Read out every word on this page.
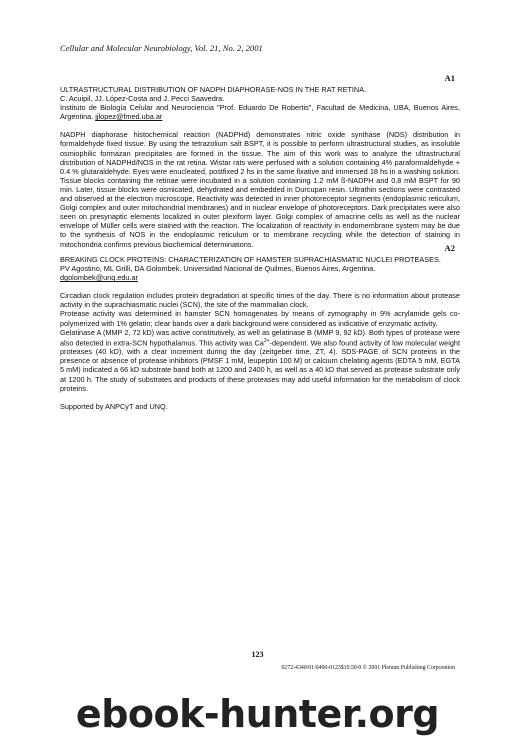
Cellular and Molecular Neurobiology, Vol. 21, No. 2, 2001
A1

ULTRASTRUCTURAL DISTRIBUTION OF NADPH DIAPHORASE-NOS IN THE RAT RETINA.

C. Acuipil, JJ. López-Costa and J. Pecci Saavedra.

Instituto de Biología Celular and Neurociencia "Prof. Eduardo De Robertis", Facultad de Medicina, UBA, Buenos Aires, Argentina. jjlopez@fmed.uba.ar

NADPH diaphorase histochemical reaction (NADPHd) demonstrates nitric oxide synthase (NOS) distribution in formaldehyde fixed tissue. By using the tetrazolium salt BSPT, it is possible to perform ultrastructural studies, as insoluble osmiophilic formazan precipitates are formed in the tissue. The aim of this work was to analyze the ultrastructural distribution of NADPHd/NOS in the rat retina. Wistar rats were perfused with a solution containing 4% paraformaldehyde + 0.4 % glutaraldehyde. Eyes were enucleated, postfixed 2 hs in the same fixative and immersed 18 hs in a washing solution. Tissue blocks containing the retinae were incubated in a solution containing 1.2 mM ß-NADPH and 0.8 mM BSPT for 90 min. Later, tissue blocks were osmicated, dehydrated and embedded in Durcupan resin. Ultrathin sections were contrasted and observed at the electron microscope. Reactivity was detected in inner photoreceptor segments (endoplasmic reticulum, Golgi complex and outer mitochondrial membranes) and in nuclear envelope of photoreceptors. Dark precipitates were also seen on presynaptic elements localized in outer plexiform layer. Golgi complex of amacrine cells as well as the nuclear envelope of Müller cells were stained with the reaction. The localization of reactivity in endomembrane system may be due to the synthesis of NOS in the endoplasmic reticulum or to membrane recycling while the detection of staining in mitochondria confirms previous biochemical determinations.	A2

BREAKING CLOCK PROTEINS: CHARACTERIZATION OF HAMSTER SUPRACHIASMATIC NUCLEI PROTEASES.

PV Agostino, ML Grilli, DA Golombek. Universidad Nacional de Quilmes, Buenos Aires, Argentina.

dgolombek@unq.edu.ar

Circadian clock regulation includes protein degradation at specific times of the day. There is no information about protease activity in the suprachiasmatic nuclei (SCN), the site of the mammalian clock.

Protease activity was determined in hamster SCN homogenates by means of zymography in 9% acrylamide gels co-polymerized with 1% gelatin; clear bands over a dark background were considered as indicative of enzymatic activity.

Gelatinase A (MMP 2, 72 kD) was active constitutively, as well as gelatinase B (MMP 9, 92 kD). Both types of protease were also detected in extra-SCN hypothalamus. This activity was $Ca^{2+}$-dependent. We also found activity of low molecular weight proteases (40 kD), with a clear increment during the day (zeitgeber time, ZT, 4). SDS-PAGE of SCN proteins in the presence or absence of protease inhibitors (PMSF 1 mM, leupeptin 100 M) or calcium chelating agents (EDTA 5 mM, EGTA 5 mM) indicated a 66 kD substrate band both at 1200 and 2400 h, as well as a 40 kD that served as protease substrate only at 1200 h. The study of substrates and products of these proteases may add useful information for the metabolism of clock proteins.

Supported by ANPCyT and UNQ.

123
0272-4340/01/0400-0123$19.50/0 © 2001 Plenum Publishing Corporation
ebook-hunter.org
